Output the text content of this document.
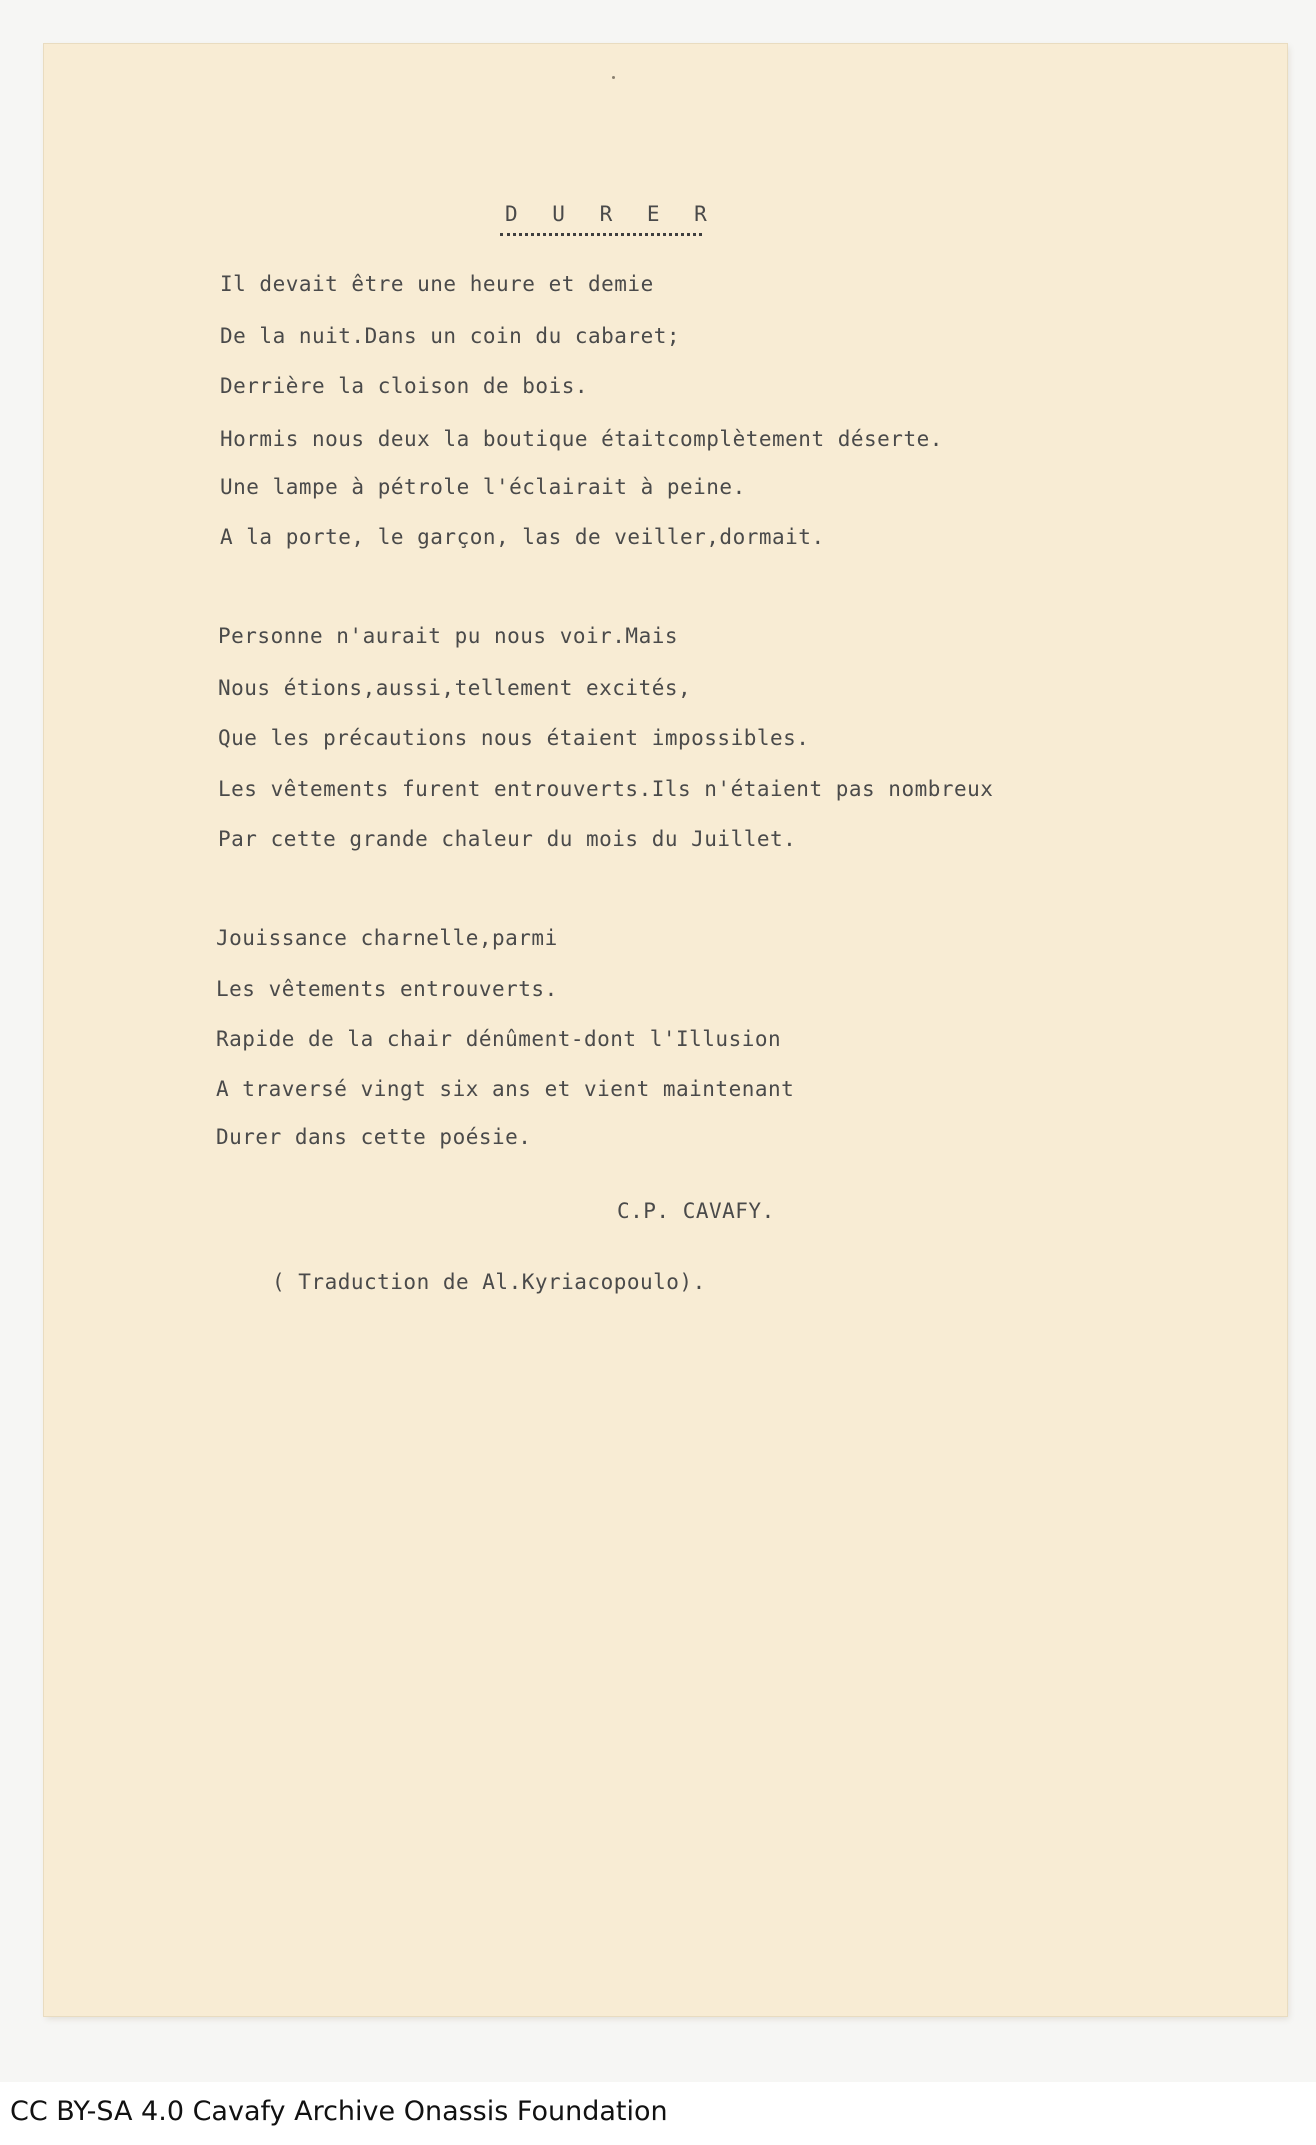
D U R E R
Il devait être une heure et demie
De la nuit.Dans un coin du cabaret;
Derrière la cloison de bois.
Hormis nous deux la boutique étaitcomplètement déserte.
Une lampe à pétrole l'éclairait à peine.
A la porte, le garçon, las de veiller,dormait.
Personne n'aurait pu nous voir.Mais
Nous étions,aussi,tellement excités,
Que les précautions nous étaient impossibles.
Les vêtements furent entrouverts.Ils n'étaient pas nombreux
Par cette grande chaleur du mois du Juillet.
Jouissance charnelle,parmi
Les vêtements entrouverts.
Rapide de la chair dénûment-dont l'Illusion
A traversé vingt six ans et vient maintenant
Durer dans cette poésie.
C.P. CAVAFY.
( Traduction de Al.Kyriacopoulo).
CC BY-SA 4.0 Cavafy Archive Onassis Foundation
